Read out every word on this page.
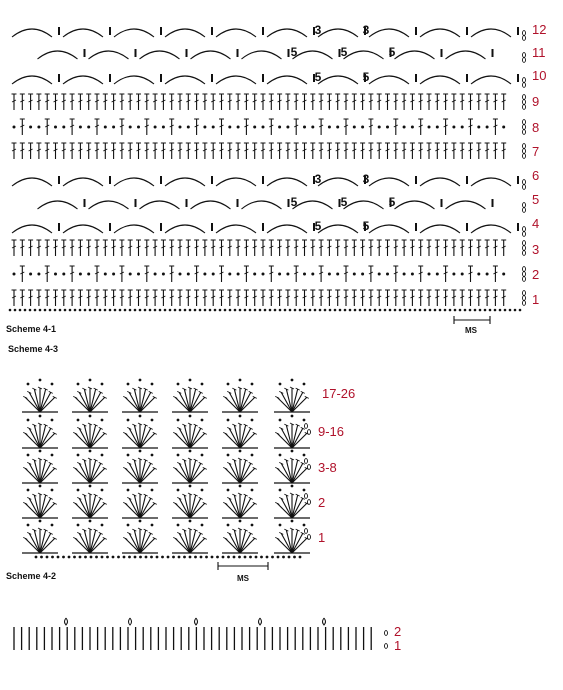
3	3
5	5	5
5	5
3	3
5	5	5
5	5
12
11
10
9
8
7
6
5
4
3
2
1
MS
Scheme 4-1
Scheme 4-3
17-26
9-16
3-8
2
1
MS
Scheme 4-2
2
1
